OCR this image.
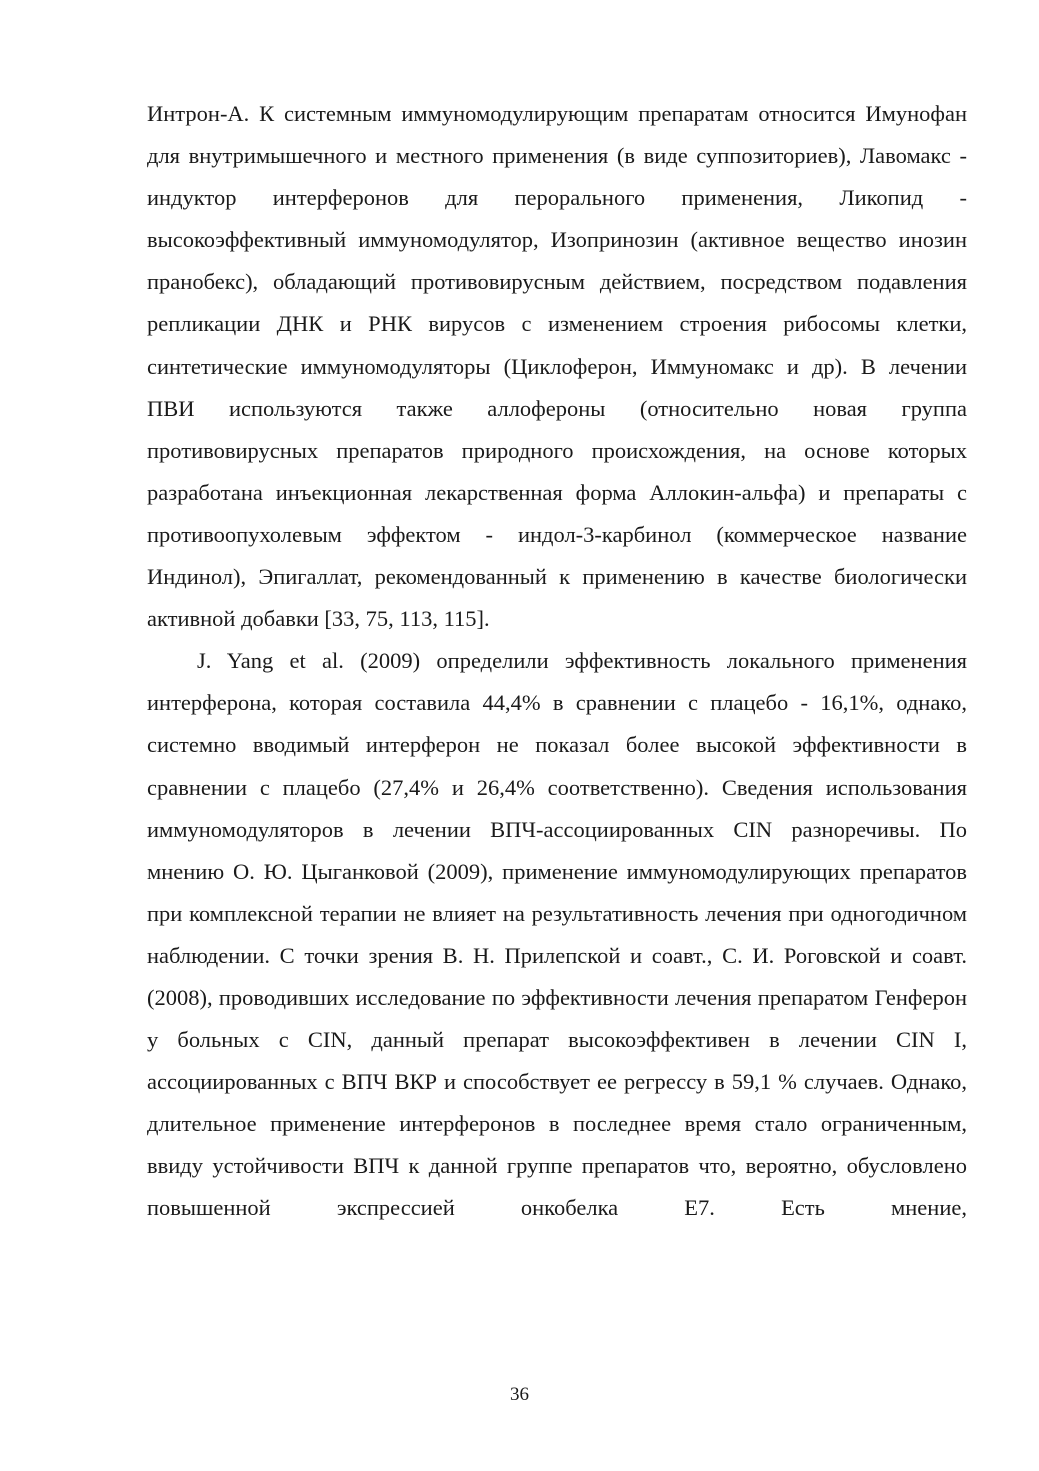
Интрон-А. К системным иммуномодулирующим препаратам относится Имунофан для внутримышечного и местного применения (в виде суппозиториев), Лавомакс - индуктор интерферонов для перорального применения, Ликопид - высокоэффективный иммуномодулятор, Изопринозин (активное вещество инозин пранобекс), обладающий противовирусным действием, посредством подавления репликации ДНК и РНК вирусов с изменением строения рибосомы клетки, синтетические иммуномодуляторы (Циклоферон, Иммуномакс и др). В лечении ПВИ используются также аллофероны (относительно новая группа противовирусных препаратов природного происхождения, на основе которых разработана инъекционная лекарственная форма Аллокин-альфа) и препараты с противоопухолевым эффектом - индол-3-карбинол (коммерческое название Индинол), Эпигаллат, рекомендованный к применению в качестве биологически активной добавки [33, 75, 113, 115].

J. Yang et al. (2009) определили эффективность локального применения интерферона, которая составила 44,4% в сравнении с плацебо - 16,1%, однако, системно вводимый интерферон не показал более высокой эффективности в сравнении с плацебо (27,4% и 26,4% соответственно). Сведения использования иммуномодуляторов в лечении ВПЧ-ассоциированных CIN разноречивы. По мнению О. Ю. Цыганковой (2009), применение иммуномодулирующих препаратов при комплексной терапии не влияет на результативность лечения при одногодичном наблюдении. С точки зрения В. Н. Прилепской и соавт., С. И. Роговской и соавт. (2008), проводивших исследование по эффективности лечения препаратом Генферон у больных с CIN, данный препарат высокоэффективен в лечении CIN I, ассоциированных с ВПЧ ВКР и способствует ее регрессу в 59,1 % случаев. Однако, длительное применение интерферонов в последнее время стало ограниченным, ввиду устойчивости ВПЧ к данной группе препаратов что, вероятно, обусловлено повышенной экспрессией онкобелка Е7. Есть мнение,

36
